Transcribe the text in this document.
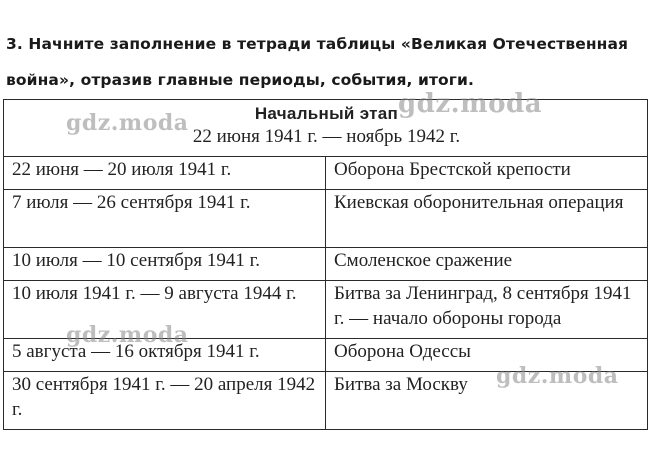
3. Начните заполнение в тетради таблицы «Великая Отечественная война», отразив главные периоды, события, итоги.
Начальный этап
22 июня 1941 г. — ноябрь 1942 г.	

22 июня — 20 июля 1941 г.	Оборона Брестской крепости
7 июля — 26 сентября 1941 г.	Киевская оборонительная операция
10 июля — 10 сентября 1941 г.	Смоленское сражение
10 июля 1941 г. — 9 августа 1944 г.	Битва за Ленинград, 8 сентября 1941 г. — начало обороны города
5 августа — 16 октября 1941 г.	Оборона Одессы
30 сентября 1941 г. — 20 апреля 1942 г.	Битва за Москву
gdz.moda
gdz.moda
gdz.moda
gdz.moda
